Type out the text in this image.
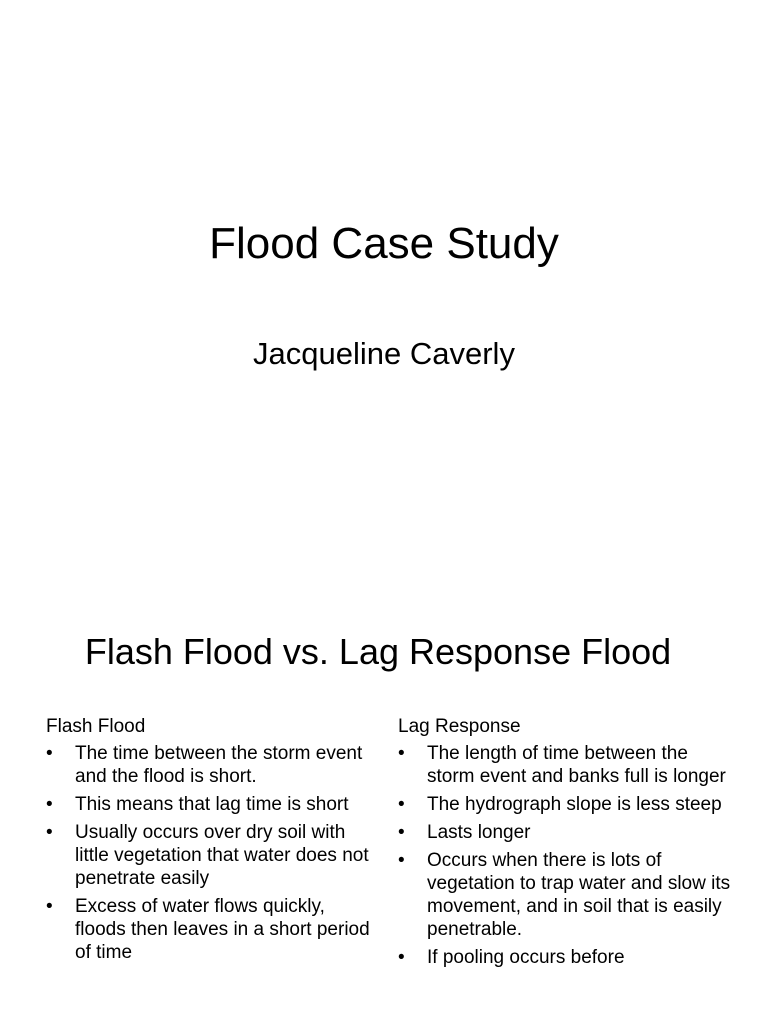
Flood Case Study
Jacqueline Caverly
Flash Flood vs. Lag Response Flood
Flash Flood
• The time between the storm event and the flood is short.
• This means that lag time is short
• Usually occurs over dry soil with little vegetation that water does not penetrate easily
• Excess of water flows quickly, floods then leaves in a short period of time
Lag Response
• The length of time between the storm event and banks full is longer
• The hydrograph slope is less steep
• Lasts longer
• Occurs when there is lots of vegetation to trap water and slow its movement, and in soil that is easily penetrable.
• If pooling occurs before
